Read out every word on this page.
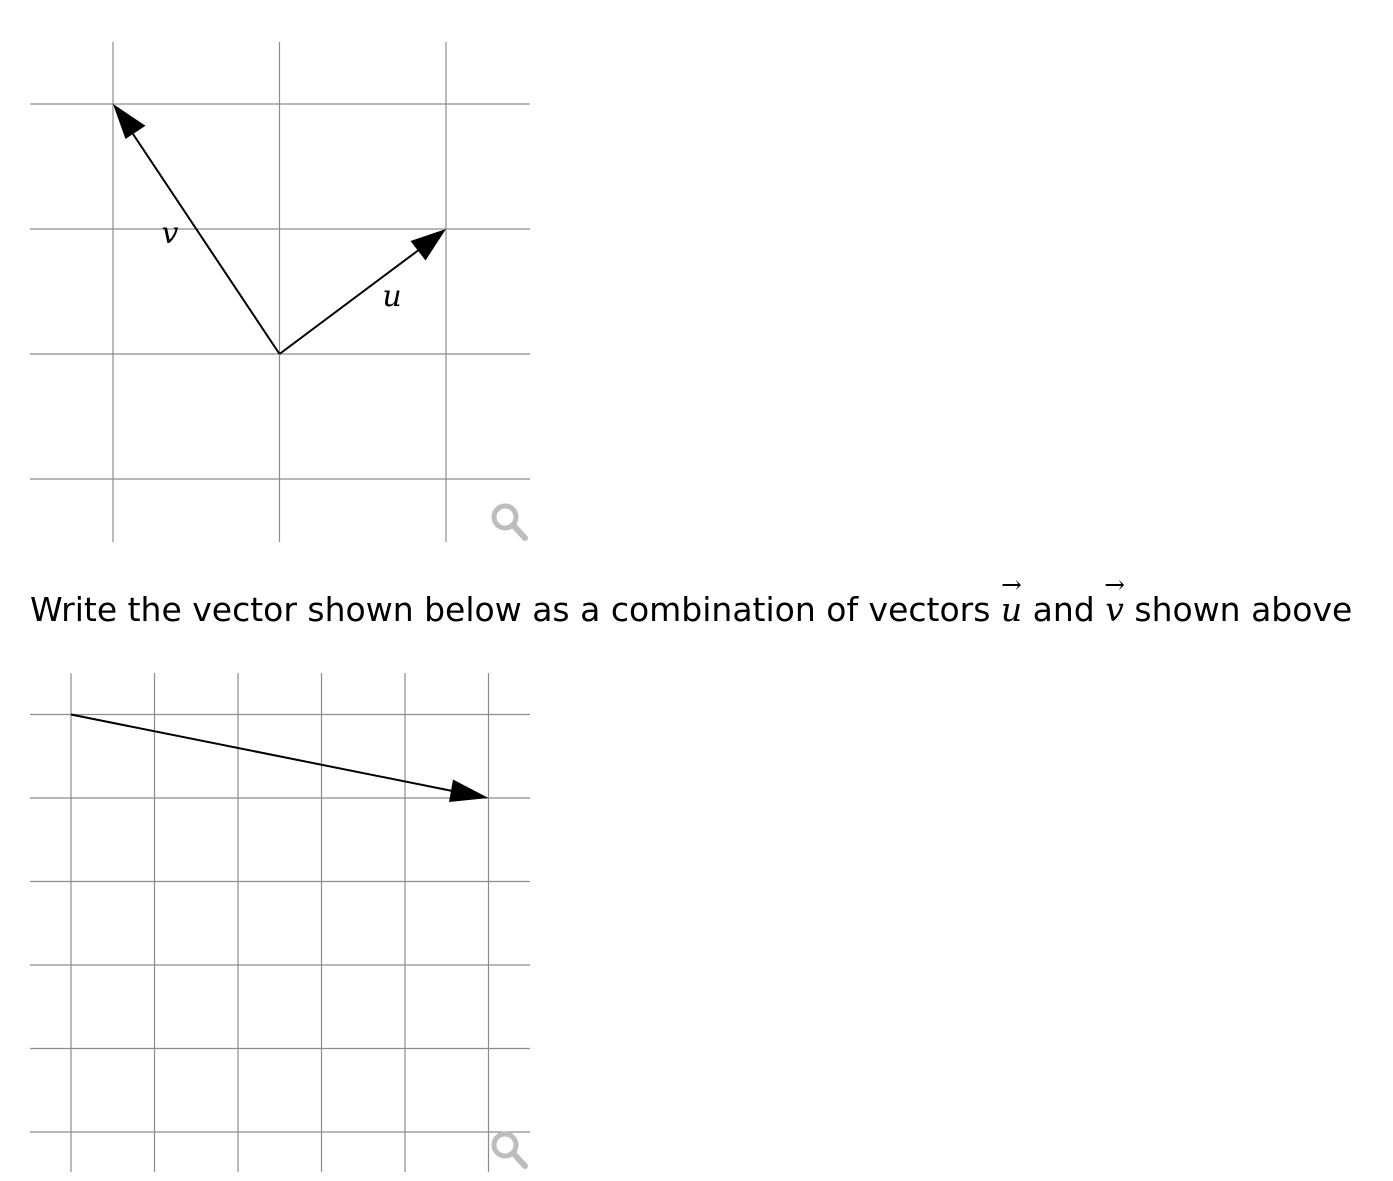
v
u

Write the vector shown below as a combination of vectors
→
u and
→
v shown above
